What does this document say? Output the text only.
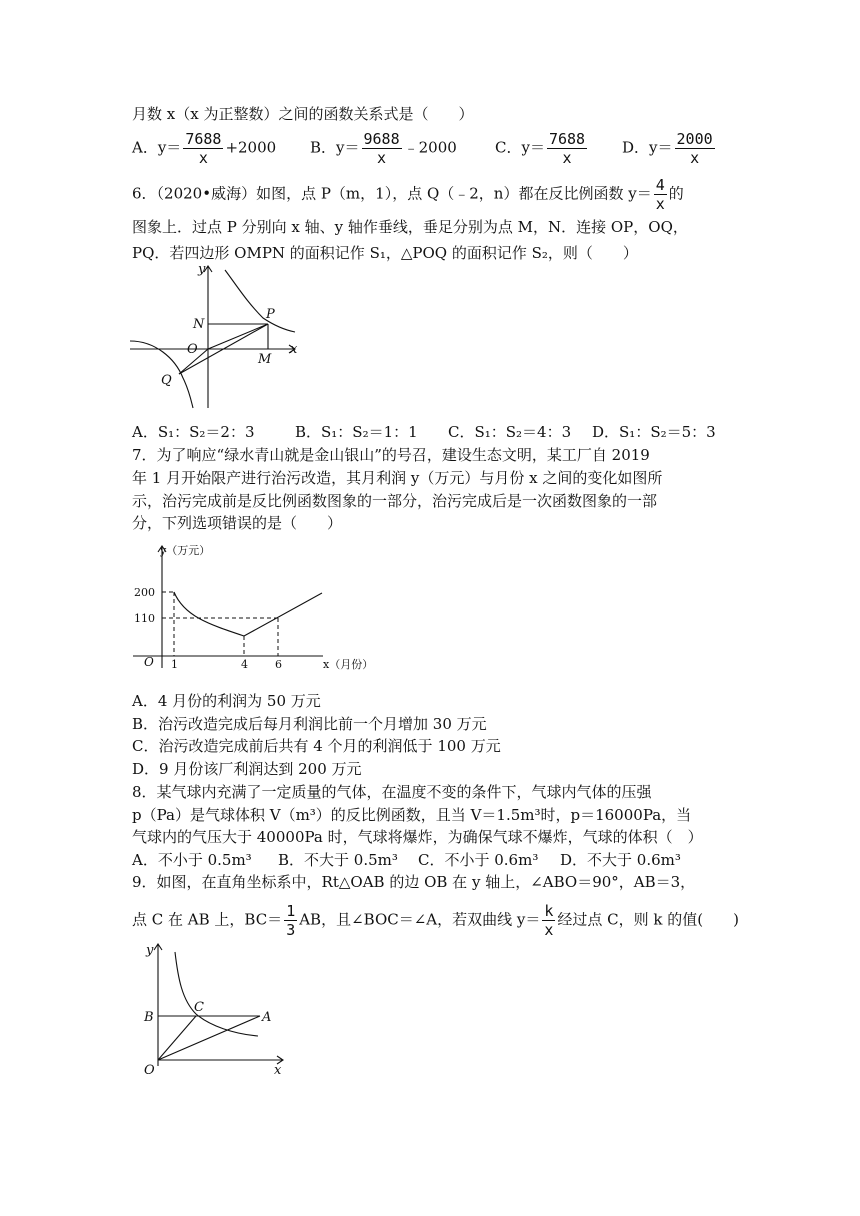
月数 x（x 为正整数）之间的函数关系式是（　　）
A．$y= \frac{7688}{x} +2000$ B．$y= \frac{9688}{x}$ ﹣2000	C．$y= \frac{7688}{x}$ D．$y= \frac{2000}{x}$
6．（2020•威海）如图，点 P（m，1），点 Q（﹣2，n）都在反比例函数 $y= \frac{4}{x}$ 的
图象上．过点 P 分别向 x 轴、y 轴作垂线，垂足分别为点 M，N．连接 OP，OQ，
PQ．若四边形 OMPN 的面积记作 S₁，△POQ 的面积记作 S₂，则（　　）
y
N
P
O
M
x
Q
A．S₁：S₂＝2：3	B．S₁：S₂＝1：1 C．S₁：S₂＝4：3 D．S₁：S₂＝5：3
7．为了响应“绿水青山就是金山银山”的号召，建设生态文明，某工厂自 2019
年 1 月开始限产进行治污改造，其月利润 y（万元）与月份 x 之间的变化如图所
示，治污完成前是反比例函数图象的一部分，治污完成后是一次函数图象的一部
分，下列选项错误的是（　　）
y（万元）
200
110
O 1	4 6	x（月份）
A．4 月份的利润为 50 万元
B．治污改造完成后每月利润比前一个月增加 30 万元
C．治污改造完成前后共有 4 个月的利润低于 100 万元
D．9 月份该厂利润达到 200 万元
8．某气球内充满了一定质量的气体，在温度不变的条件下，气球内气体的压强
p（Pa）是气球体积 V（m³）的反比例函数，且当 V＝1.5m³时，p＝16000Pa，当
气球内的气压大于 40000Pa 时，气球将爆炸，为确保气球不爆炸，气球的体积（　）
A．不小于 0.5m³ B．不大于 0.5m³ C．不小于 0.6m³ D．不大于 0.6m³
9．如图，在直角坐标系中，Rt△OAB 的边 OB 在 y 轴上，∠ABO＝90°，AB＝3，
点 C 在 AB 上，$BC= \frac{1}{3}$ AB，且∠BOC＝∠A，若双曲线 $y= \frac{k}{x}$ 经过点 C，则 k 的值(　　)
y
B
C
A
O	x
